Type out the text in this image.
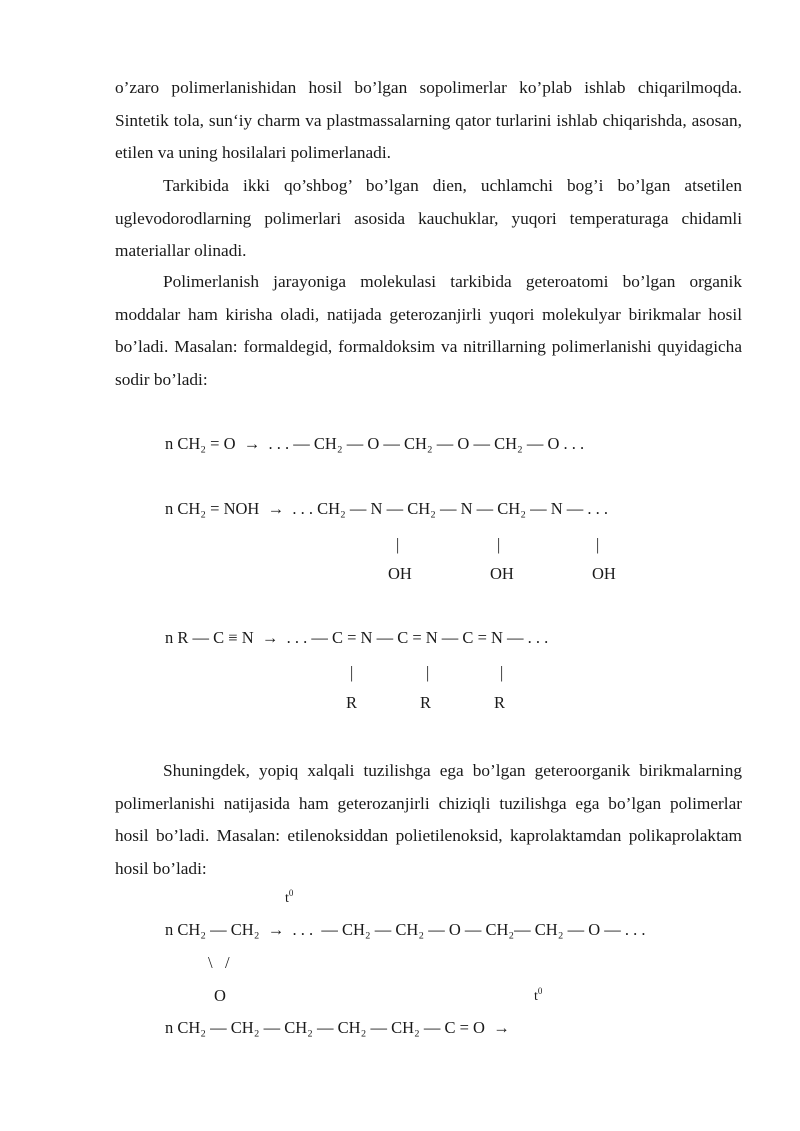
o’zaro polimerlanishidan hosil bo’lgan sopolimerlar ko’plab ishlab chiqarilmoqda. Sintetik tola, sun‘iy charm va plastmassalarning qator turlarini ishlab chiqarishda, asosan, etilen va uning hosilalari polimerlanadi.

Tarkibida ikki qo’shbog’ bo’lgan dien, uchlamchi bog’i bo’lgan atsetilen uglevodorodlarning polimerlari asosida kauchuklar, yuqori temperaturaga chidamli materiallar olinadi.

Polimerlanish jarayoniga molekulasi tarkibida geteroatomi bo’lgan organik moddalar ham kirisha oladi, natijada geterozanjirli yuqori molekulyar birikmalar hosil bo’ladi. Masalan: formaldegid, formaldoksim va nitrillarning polimerlanishi quyidagicha sodir bo’ladi:

n CH₂ = O  →  . . . — CH₂ — O — CH₂ — O — CH₂ — O . . .
n CH₂ = NOH  →  . . . CH₂ — N — CH₂ — N — CH₂ — N — . . .
|	|	|
OH	OH	OH
n R — C ≡ N  →  . . . — C = N — C = N — C = N — . . .
|	|	|
R	R	R

Shuningdek, yopiq xalqali tuzilishga ega bo’lgan geteroorganik birikmalarning polimerlanishi natijasida ham geterozanjirli chiziqli tuzilishga ega bo’lgan polimerlar hosil bo’ladi. Masalan: etilenoksiddan polietilenoksid, kaprolaktamdan polikaprolaktam hosil bo’ladi:

$t^0$
n CH₂ — CH₂  →  . . .  — CH₂ — CH₂ — O — CH₂— CH₂ — O — . . .
\   /
O	$t^0$
n CH₂ — CH₂ — CH₂ — CH₂ — CH₂ — C = O  →
